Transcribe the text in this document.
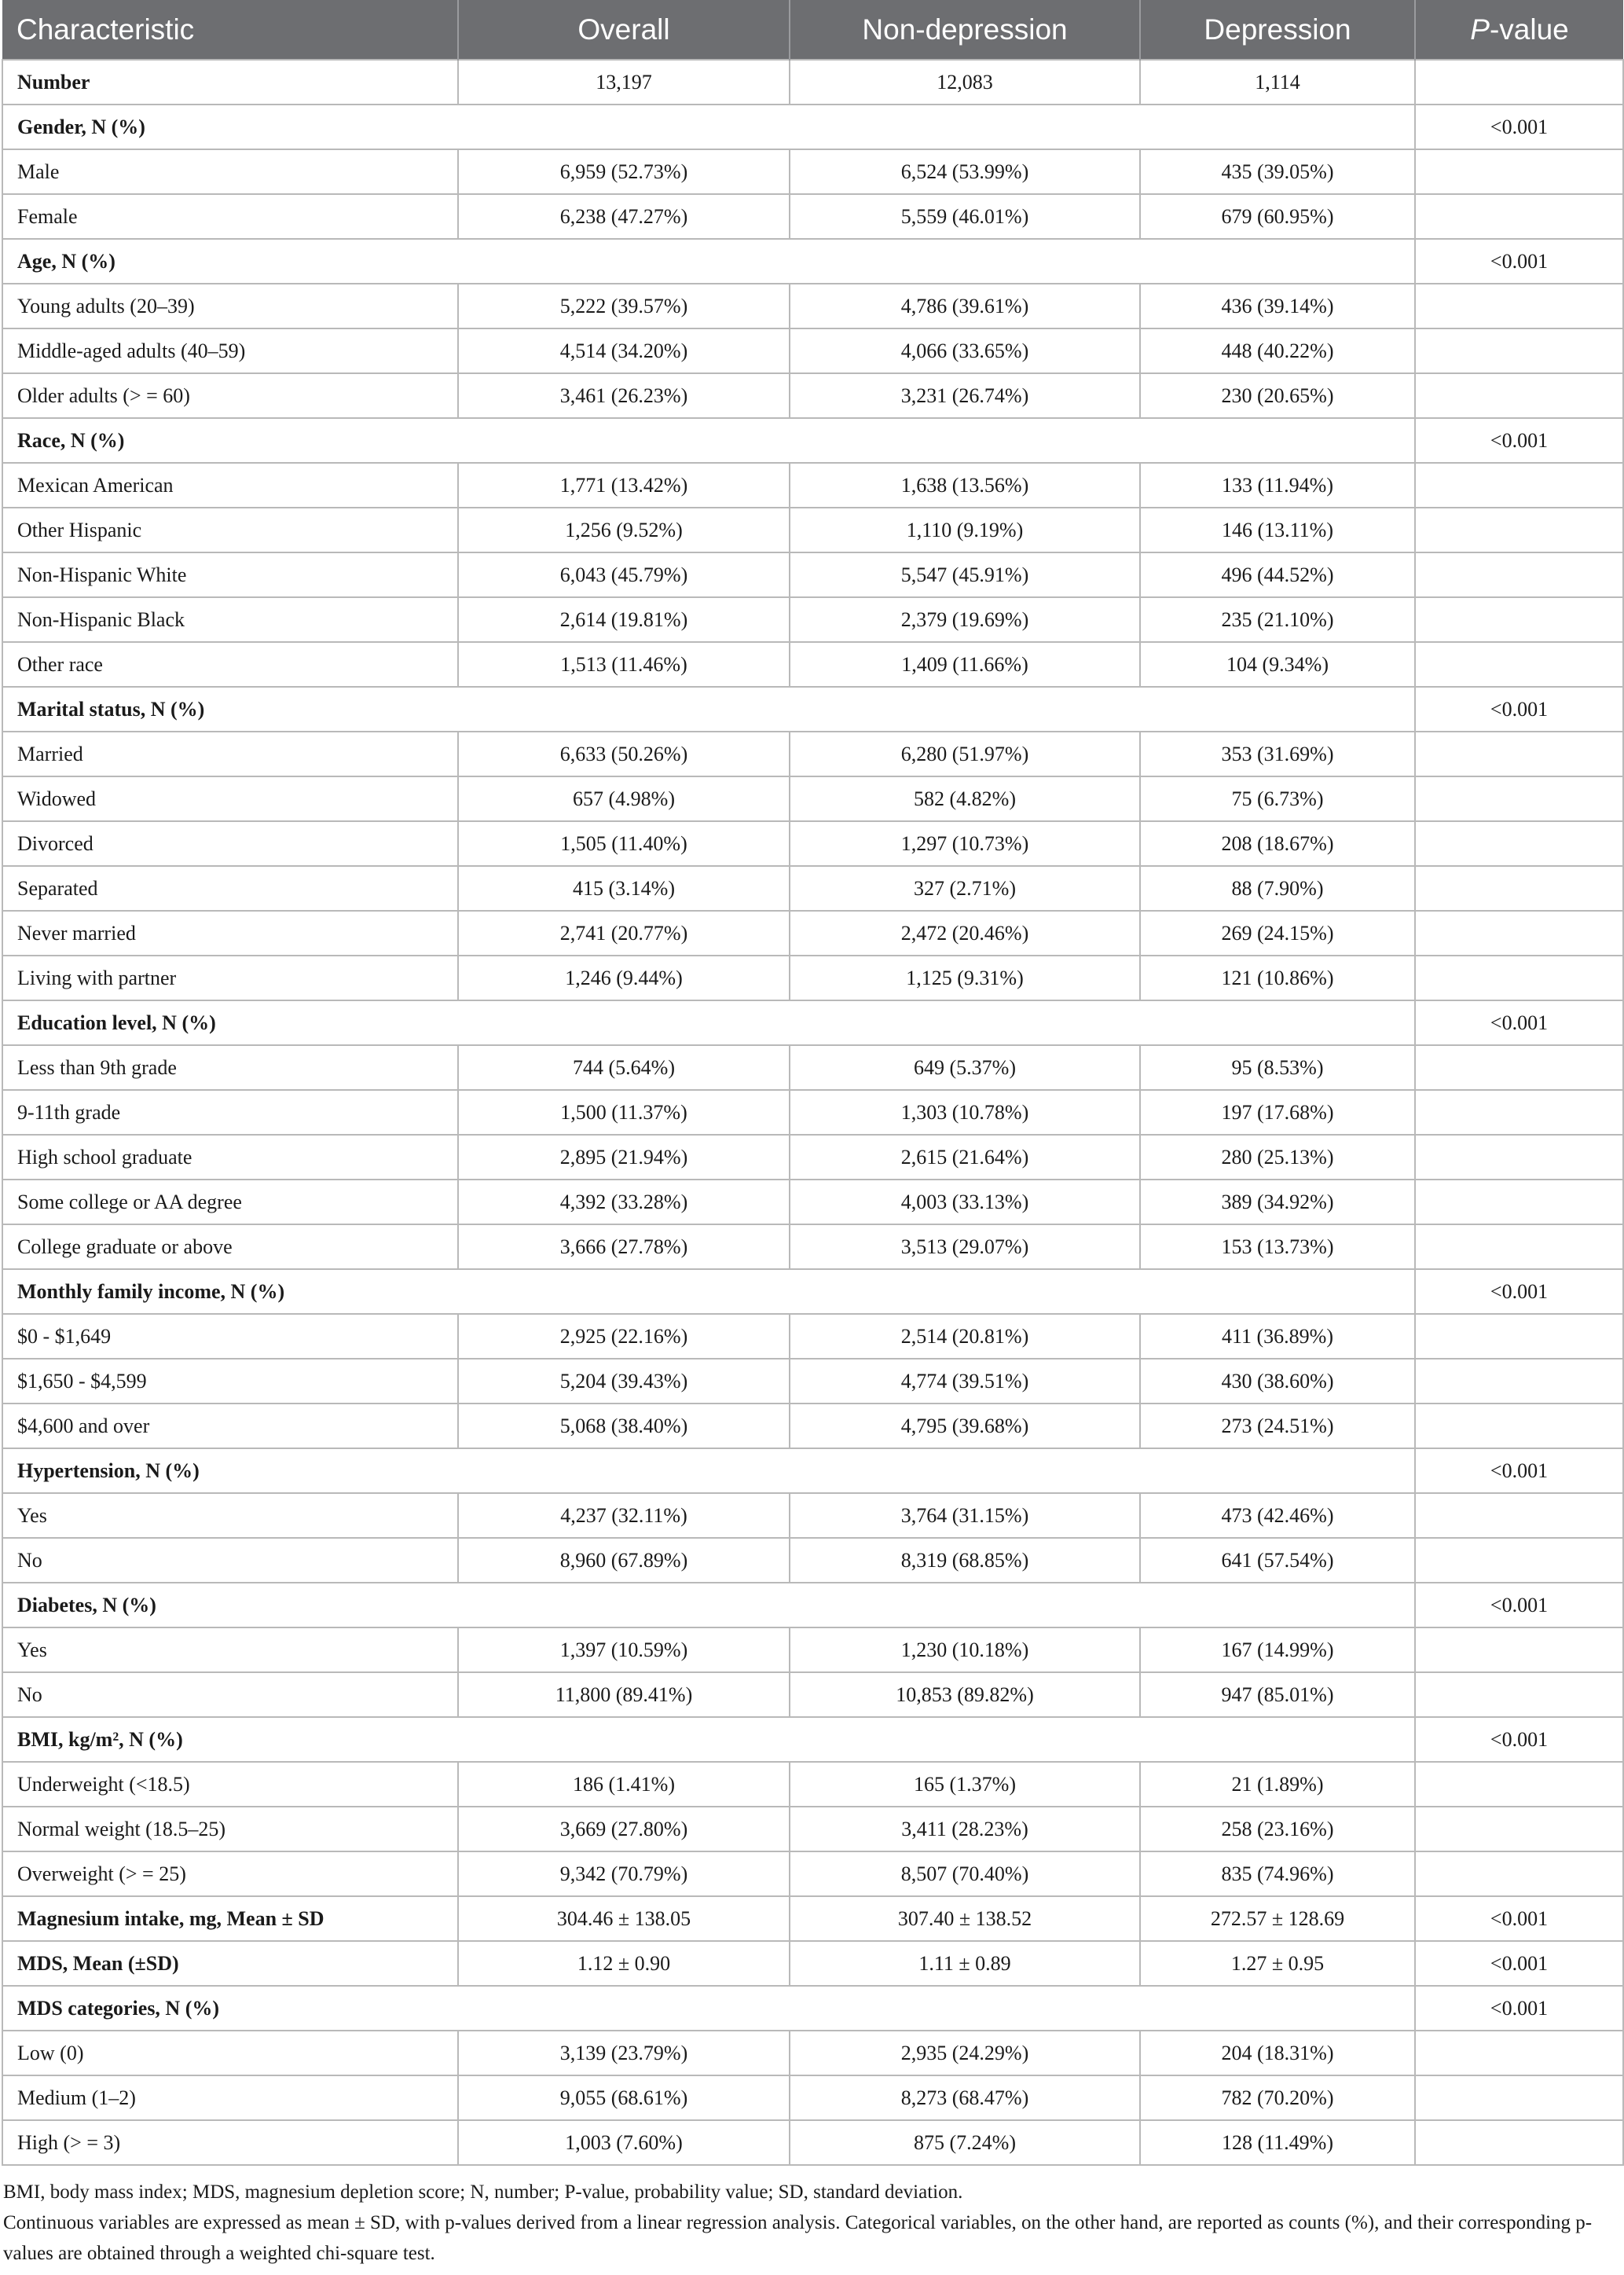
Characteristic	Overall	Non-depression	Depression	P-value
Number	13,197	12,083	1,114	
Gender, N (%)				<0.001
Male	6,959 (52.73%)	6,524 (53.99%)	435 (39.05%)	
Female	6,238 (47.27%)	5,559 (46.01%)	679 (60.95%)	
Age, N (%)				<0.001
Young adults (20–39)	5,222 (39.57%)	4,786 (39.61%)	436 (39.14%)	
Middle-aged adults (40–59)	4,514 (34.20%)	4,066 (33.65%)	448 (40.22%)	
Older adults (> = 60)	3,461 (26.23%)	3,231 (26.74%)	230 (20.65%)	
Race, N (%)				<0.001
Mexican American	1,771 (13.42%)	1,638 (13.56%)	133 (11.94%)	
Other Hispanic	1,256 (9.52%)	1,110 (9.19%)	146 (13.11%)	
Non-Hispanic White	6,043 (45.79%)	5,547 (45.91%)	496 (44.52%)	
Non-Hispanic Black	2,614 (19.81%)	2,379 (19.69%)	235 (21.10%)	
Other race	1,513 (11.46%)	1,409 (11.66%)	104 (9.34%)	
Marital status, N (%)				<0.001
Married	6,633 (50.26%)	6,280 (51.97%)	353 (31.69%)	
Widowed	657 (4.98%)	582 (4.82%)	75 (6.73%)	
Divorced	1,505 (11.40%)	1,297 (10.73%)	208 (18.67%)	
Separated	415 (3.14%)	327 (2.71%)	88 (7.90%)	
Never married	2,741 (20.77%)	2,472 (20.46%)	269 (24.15%)	
Living with partner	1,246 (9.44%)	1,125 (9.31%)	121 (10.86%)	
Education level, N (%)				<0.001
Less than 9th grade	744 (5.64%)	649 (5.37%)	95 (8.53%)	
9-11th grade	1,500 (11.37%)	1,303 (10.78%)	197 (17.68%)	
High school graduate	2,895 (21.94%)	2,615 (21.64%)	280 (25.13%)	
Some college or AA degree	4,392 (33.28%)	4,003 (33.13%)	389 (34.92%)	
College graduate or above	3,666 (27.78%)	3,513 (29.07%)	153 (13.73%)	
Monthly family income, N (%)				<0.001
$0 - $1,649	2,925 (22.16%)	2,514 (20.81%)	411 (36.89%)	
$1,650 - $4,599	5,204 (39.43%)	4,774 (39.51%)	430 (38.60%)	
$4,600 and over	5,068 (38.40%)	4,795 (39.68%)	273 (24.51%)	
Hypertension, N (%)				<0.001
Yes	4,237 (32.11%)	3,764 (31.15%)	473 (42.46%)	
No	8,960 (67.89%)	8,319 (68.85%)	641 (57.54%)	
Diabetes, N (%)				<0.001
Yes	1,397 (10.59%)	1,230 (10.18%)	167 (14.99%)	
No	11,800 (89.41%)	10,853 (89.82%)	947 (85.01%)	
BMI, kg/m², N (%)				<0.001
Underweight (<18.5)	186 (1.41%)	165 (1.37%)	21 (1.89%)	
Normal weight (18.5–25)	3,669 (27.80%)	3,411 (28.23%)	258 (23.16%)	
Overweight (> = 25)	9,342 (70.79%)	8,507 (70.40%)	835 (74.96%)	
Magnesium intake, mg, Mean ± SD	304.46 ± 138.05	307.40 ± 138.52	272.57 ± 128.69	<0.001
MDS, Mean (±SD)	1.12 ± 0.90	1.11 ± 0.89	1.27 ± 0.95	<0.001
MDS categories, N (%)				<0.001
Low (0)	3,139 (23.79%)	2,935 (24.29%)	204 (18.31%)	
Medium (1–2)	9,055 (68.61%)	8,273 (68.47%)	782 (70.20%)	
High (> = 3)	1,003 (7.60%)	875 (7.24%)	128 (11.49%)	

BMI, body mass index; MDS, magnesium depletion score; N, number; P-value, probability value; SD, standard deviation.

Continuous variables are expressed as mean ± SD, with p-values derived from a linear regression analysis. Categorical variables, on the other hand, are reported as counts (%), and their corresponding p-values are obtained through a weighted chi-square test.
